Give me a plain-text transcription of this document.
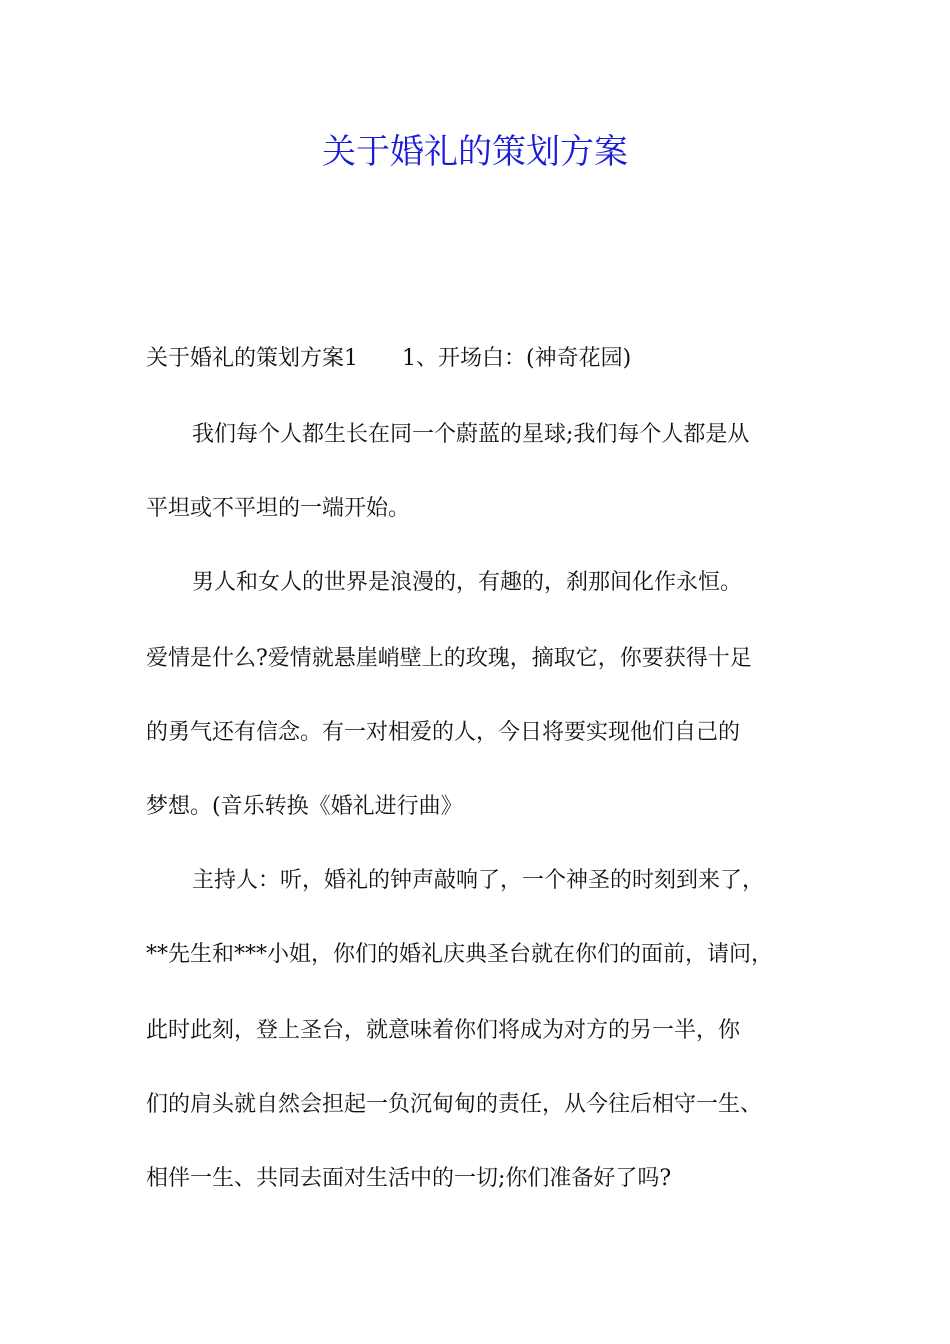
关于婚礼的策划方案
关于婚礼的策划方案1 1、开场白：(神奇花园)
我们每个人都生长在同一个蔚蓝的星球;我们每个人都是从
平坦或不平坦的一端开始。
男人和女人的世界是浪漫的，有趣的，刹那间化作永恒。
爱情是什么?爱情就悬崖峭壁上的玫瑰，摘取它，你要获得十足
的勇气还有信念。有一对相爱的人，今日将要实现他们自己的
梦想。(音乐转换《婚礼进行曲》
主持人：听，婚礼的钟声敲响了，一个神圣的时刻到来了，
**先生和***小姐，你们的婚礼庆典圣台就在你们的面前，请问，
此时此刻，登上圣台，就意味着你们将成为对方的另一半，你
们的肩头就自然会担起一负沉甸甸的责任，从今往后相守一生、
相伴一生、共同去面对生活中的一切;你们准备好了吗?
